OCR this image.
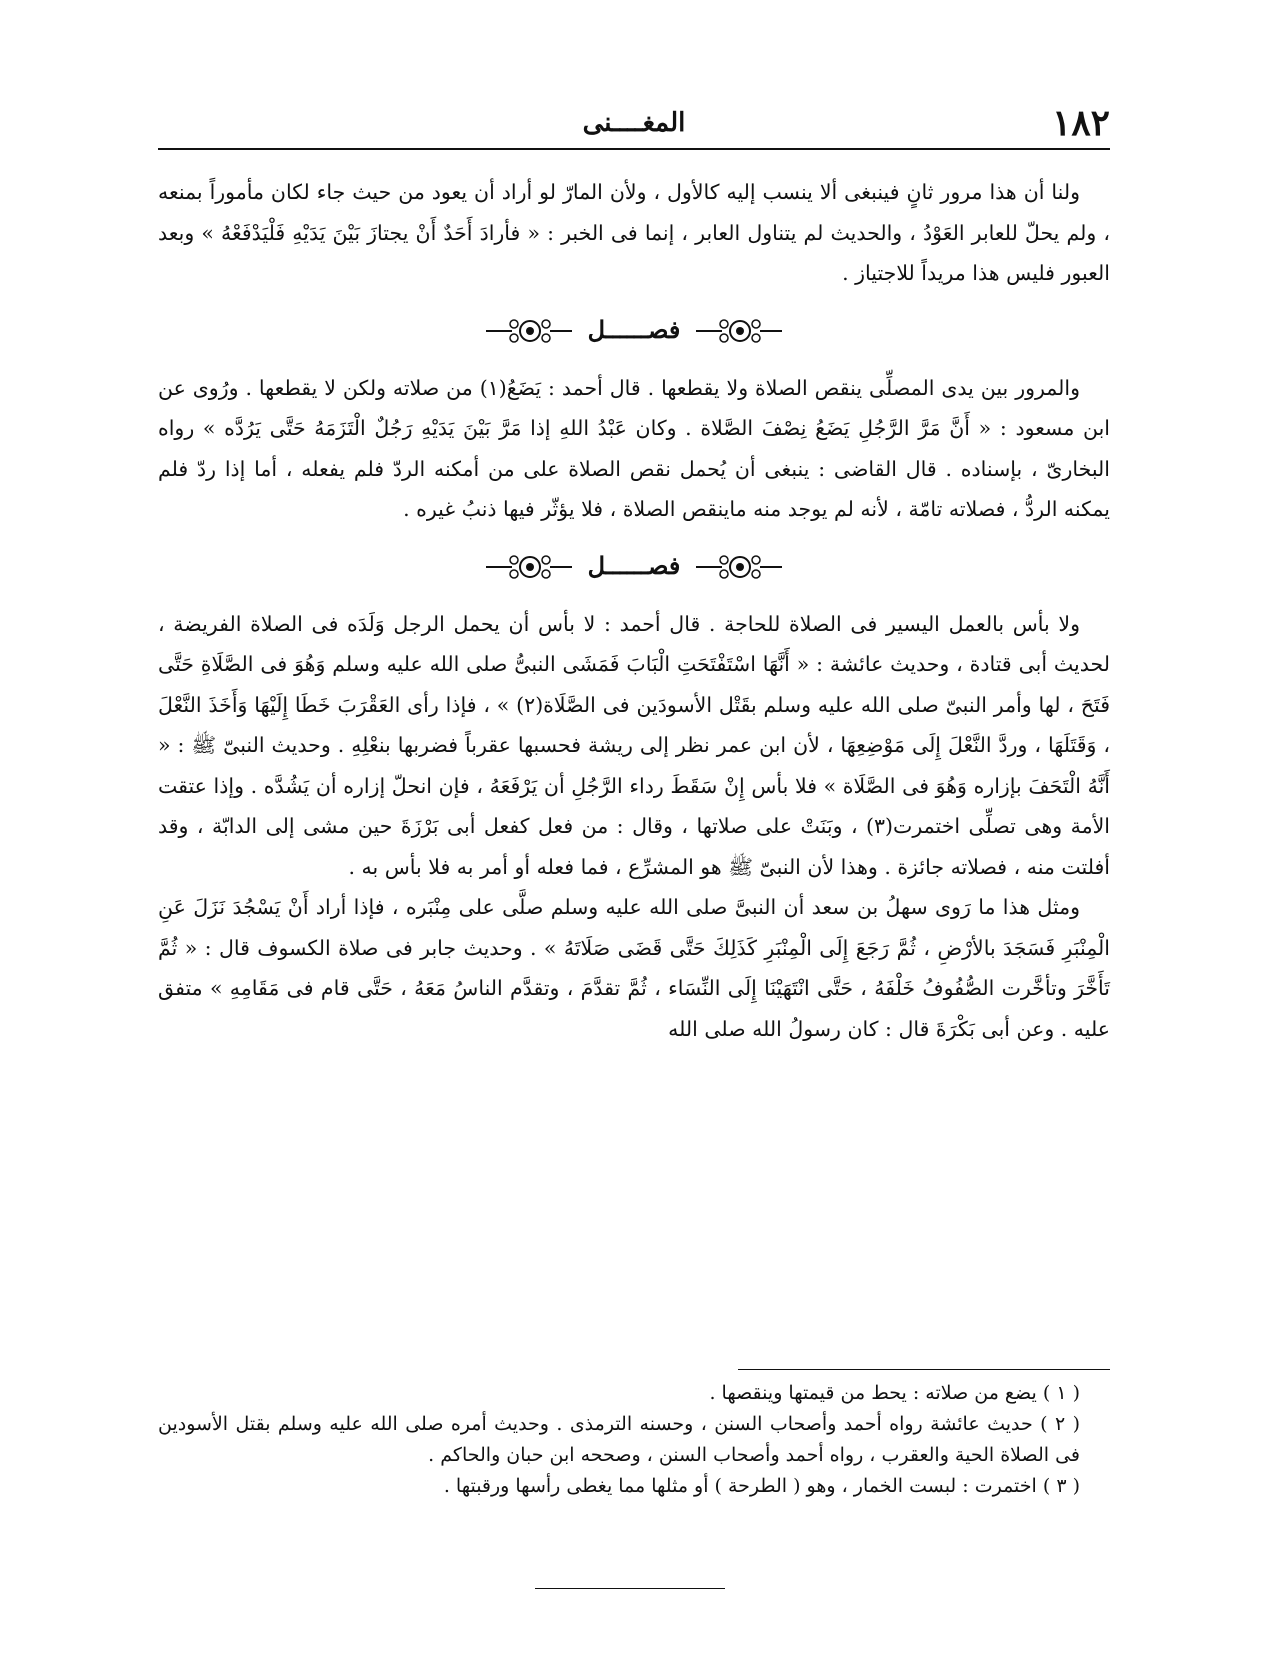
١٨٢
المغــــنى

ولنا أن هذا مرور ثانٍ فينبغى ألا ينسب إليه كالأول ، ولأن المارّ لو أراد أن يعود من حيث جاء لكان مأموراً بمنعه ، ولم يحلّ للعابر العَوْدُ ، والحديث لم يتناول العابر ، إنما فى الخبر : « فأرادَ أَحَدٌ أَنْ يجتازَ بَيْنَ يَدَيْهِ فَلْيَدْفَعْهُ » وبعد العبور فليس هذا مريداً للاجتياز .

فصــــــل

والمرور بين يدى المصلِّى ينقص الصلاة ولا يقطعها . قال أحمد : يَضَعُ(١) من صلاته ولكن لا يقطعها . ورُوى عن ابن مسعود : « أَنَّ مَرَّ الرَّجُلِ يَضَعُ نِصْفَ الصَّلاة . وكان عَبْدُ اللهِ إذا مَرَّ بَيْنَ يَدَيْهِ رَجُلٌ الْتَزَمَهُ حَتَّى يَرُدَّه » رواه البخارىّ ، بإسناده . قال القاضى : ينبغى أن يُحمل نقص الصلاة على من أمكنه الردّ فلم يفعله ، أما إذا ردّ فلم يمكنه الردُّ ، فصلاته تامّة ، لأنه لم يوجد منه ماينقص الصلاة ، فلا يؤثّر فيها ذنبُ غيره .

فصــــــل

ولا بأس بالعمل اليسير فى الصلاة للحاجة . قال أحمد : لا بأس أن يحمل الرجل وَلَدَه فى الصلاة الفريضة ، لحديث أبى قتادة ، وحديث عائشة : « أَنَّهَا اسْتَفْتَحَتِ الْبَابَ فَمَشَى النبىُّ صلى الله عليه وسلم وَهُوَ فى الصَّلَاةِ حَتَّى فَتَحَ ، لها وأمر النبىّ صلى الله عليه وسلم بقَتْل الأسودَين فى الصَّلَاة(٢) » ، فإذا رأى العَقْرَبَ خَطَا إِلَيْهَا وَأَخَذَ النَّعْلَ ، وَقَتَلَهَا ، وردَّ النَّعْلَ إِلَى مَوْضِعِهَا ، لأن ابن عمر نظر إلى ريشة فحسبها عقرباً فضربها بنعْلِهِ . وحديث النبىّ ﷺ : « أَنَّهُ الْتَحَفَ بإزاره وَهُوَ فى الصَّلَاة » فلا بأس إِنْ سَقَطَ رداء الرَّجُلِ أن يَرْفَعَهُ ، فإن انحلّ إزاره أن يَشُدَّه . وإذا عتقت الأمة وهى تصلِّى اختمرت(٣) ، وبَنَتْ على صلاتها ، وقال : من فعل كفعل أبى بَرْزَةَ حين مشى إلى الدابّة ، وقد أفلتت منه ، فصلاته جائزة . وهذا لأن النبىّ ﷺ هو المشرِّع ، فما فعله أو أمر به فلا بأس به .

ومثل هذا ما رَوى سهلُ بن سعد أن النبىَّ صلى الله عليه وسلم صلَّى على مِنْبَره ، فإذا أراد أَنْ يَسْجُدَ نَزَلَ عَنِ الْمِنْبَرِ فَسَجَدَ بالأرْضِ ، ثُمَّ رَجَعَ إِلَى الْمِنْبَرِ كَذَلِكَ حَتَّى قَضَى صَلَاتَهُ » . وحديث جابر فى صلاة الكسوف قال : « ثُمَّ تَأَخَّرَ وتأخَّرت الصُّفُوفُ خَلْفَهُ ، حَتَّى انْتَهَيْنَا إِلَى النِّسَاء ، ثُمَّ تقدَّمَ ، وتقدَّم الناسُ مَعَهُ ، حَتَّى قام فى مَقَامِهِ » متفق عليه . وعن أبى بَكْرَةَ قال : كان رسولُ الله صلى الله

( ١ ) يضع من صلاته : يحط من قيمتها وينقصها .

( ٢ ) حديث عائشة رواه أحمد وأصحاب السنن ، وحسنه الترمذى . وحديث أمره صلى الله عليه وسلم بقتل الأسودين فى الصلاة الحية والعقرب ، رواه أحمد وأصحاب السنن ، وصححه ابن حبان والحاكم .

( ٣ ) اختمرت : لبست الخمار ، وهو ( الطرحة ) أو مثلها مما يغطى رأسها ورقبتها .
